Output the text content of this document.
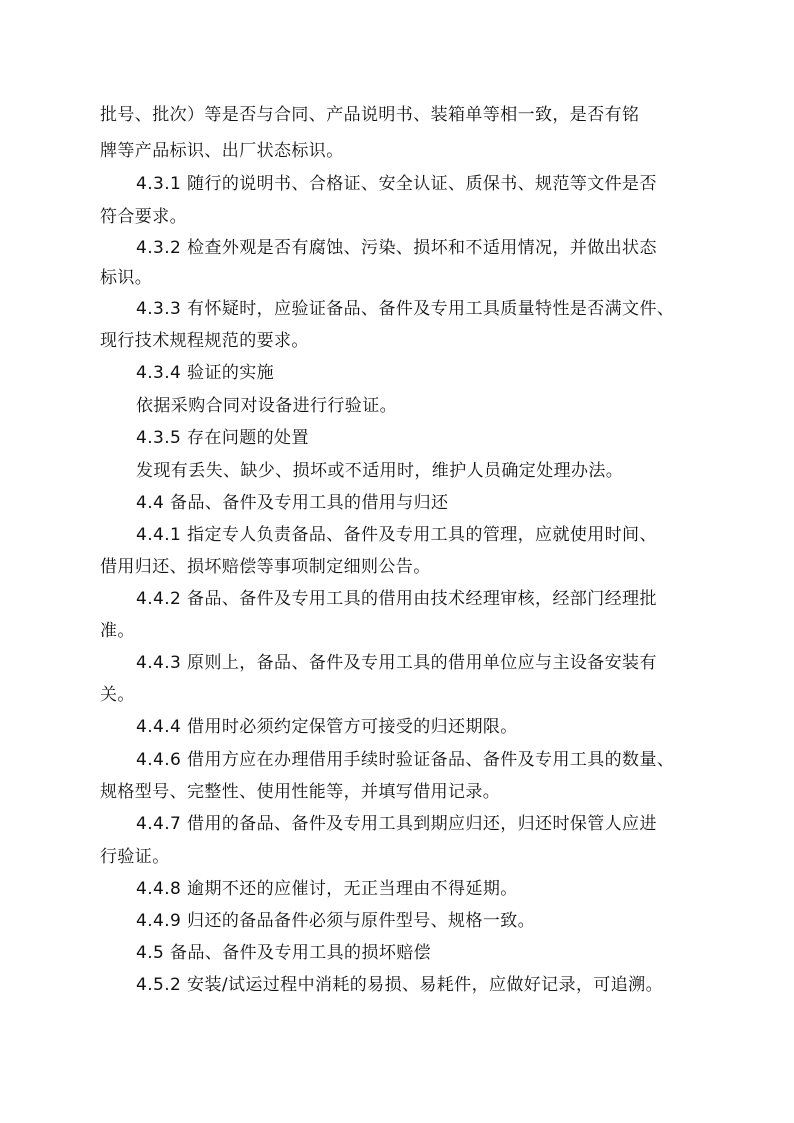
批号、批次）等是否与合同、产品说明书、装箱单等相一致，是否有铭
牌等产品标识、出厂状态标识。
4.3.1 随行的说明书、合格证、安全认证、质保书、规范等文件是否
符合要求。
4.3.2 检查外观是否有腐蚀、污染、损坏和不适用情况，并做出状态
标识。
4.3.3 有怀疑时，应验证备品、备件及专用工具质量特性是否满文件、
现行技术规程规范的要求。
4.3.4 验证的实施
依据采购合同对设备进行行验证。
4.3.5 存在问题的处置
发现有丢失、缺少、损坏或不适用时，维护人员确定处理办法。
4.4 备品、备件及专用工具的借用与归还
4.4.1 指定专人负责备品、备件及专用工具的管理，应就使用时间、
借用归还、损坏赔偿等事项制定细则公告。
4.4.2 备品、备件及专用工具的借用由技术经理审核，经部门经理批
准。
4.4.3 原则上，备品、备件及专用工具的借用单位应与主设备安装有
关。
4.4.4 借用时必须约定保管方可接受的归还期限。
4.4.6 借用方应在办理借用手续时验证备品、备件及专用工具的数量、
规格型号、完整性、使用性能等，并填写借用记录。
4.4.7 借用的备品、备件及专用工具到期应归还，归还时保管人应进
行验证。
4.4.8 逾期不还的应催讨，无正当理由不得延期。
4.4.9 归还的备品备件必须与原件型号、规格一致。
4.5 备品、备件及专用工具的损坏赔偿
4.5.2 安装/试运过程中消耗的易损、易耗件，应做好记录，可追溯。
